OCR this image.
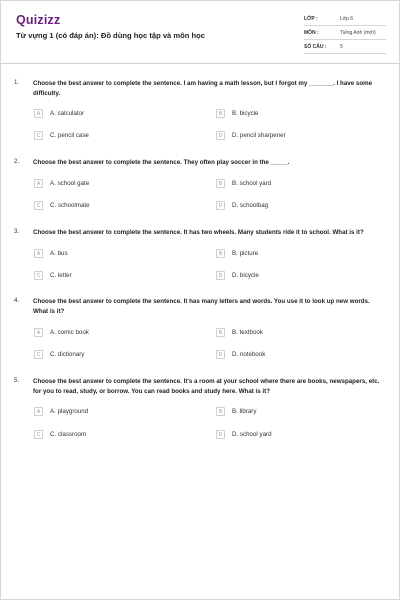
Quizizz
Từ vựng 1 (có đáp án): Đồ dùng học tập và môn học
LỚP :	Lớp 6
MÔN :	Tiếng Anh (mới)
SỐ CÂU :	5
1. Choose the best answer to complete the sentence. I am having a math lesson, but I forgot my _______. I have some difficulty.
A	A. calculator	B	B. bicycle
C	C. pencil case	D	D. pencil sharpener
2. Choose the best answer to complete the sentence. They often play soccer in the _____.
A	A. school gate	B	B. school yard
C	C. schoolmate	D	D. schoolbag
3. Choose the best answer to complete the sentence. It has two wheels. Many students ride it to school. What is it?
A	A. bus	B	B. picture
C	C. letter	D	D. bicycle
4. Choose the best answer to complete the sentence. It has many letters and words. You use it to look up new words. What is it?
A	A. comic book	B	B. textbook
C	C. dictionary	D	D. notebook
5. Choose the best answer to complete the sentence. It's a room at your school where there are books, newspapers, etc. for you to read, study, or borrow. You can read books and study here. What is it?
A	A. playground	B	B. library
C	C. classroom	D	D. school yard
